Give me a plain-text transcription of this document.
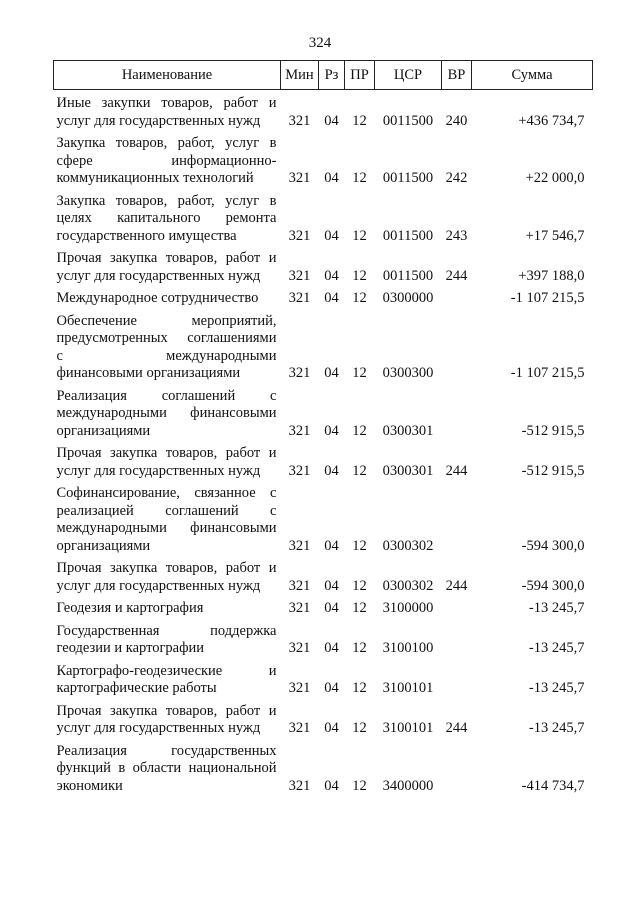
324
Наименование	Мин	Рз	ПР	ЦСР	ВР	Сумма

Иные закупки товаров, работ и
услуг для государственных нужд	321	04	12	0011500	240	+436 734,7

Закупка товаров, работ, услуг в
сфере информационно-
коммуникационных технологий	321	04	12	0011500	242	+22 000,0

Закупка товаров, работ, услуг в
целях капитального ремонта
государственного имущества	321	04	12	0011500	243	+17 546,7

Прочая закупка товаров, работ и
услуг для государственных нужд	321	04	12	0011500	244	+397 188,0

Международное сотрудничество	321	04	12	0300000		-1 107 215,5

Обеспечение мероприятий,
предусмотренных соглашениями
с международными
финансовыми организациями	321	04	12	0300300		-1 107 215,5

Реализация соглашений с
международными финансовыми
организациями	321	04	12	0300301		-512 915,5

Прочая закупка товаров, работ и
услуг для государственных нужд	321	04	12	0300301	244	-512 915,5

Софинансирование, связанное с
реализацией соглашений с
международными финансовыми
организациями	321	04	12	0300302		-594 300,0

Прочая закупка товаров, работ и
услуг для государственных нужд	321	04	12	0300302	244	-594 300,0

Геодезия и картография	321	04	12	3100000		-13 245,7

Государственная поддержка
геодезии и картографии	321	04	12	3100100		-13 245,7

Картографо-геодезические и
картографические работы	321	04	12	3100101		-13 245,7

Прочая закупка товаров, работ и
услуг для государственных нужд	321	04	12	3100101	244	-13 245,7

Реализация государственных
функций в области национальной
экономики	321	04	12	3400000		-414 734,7
